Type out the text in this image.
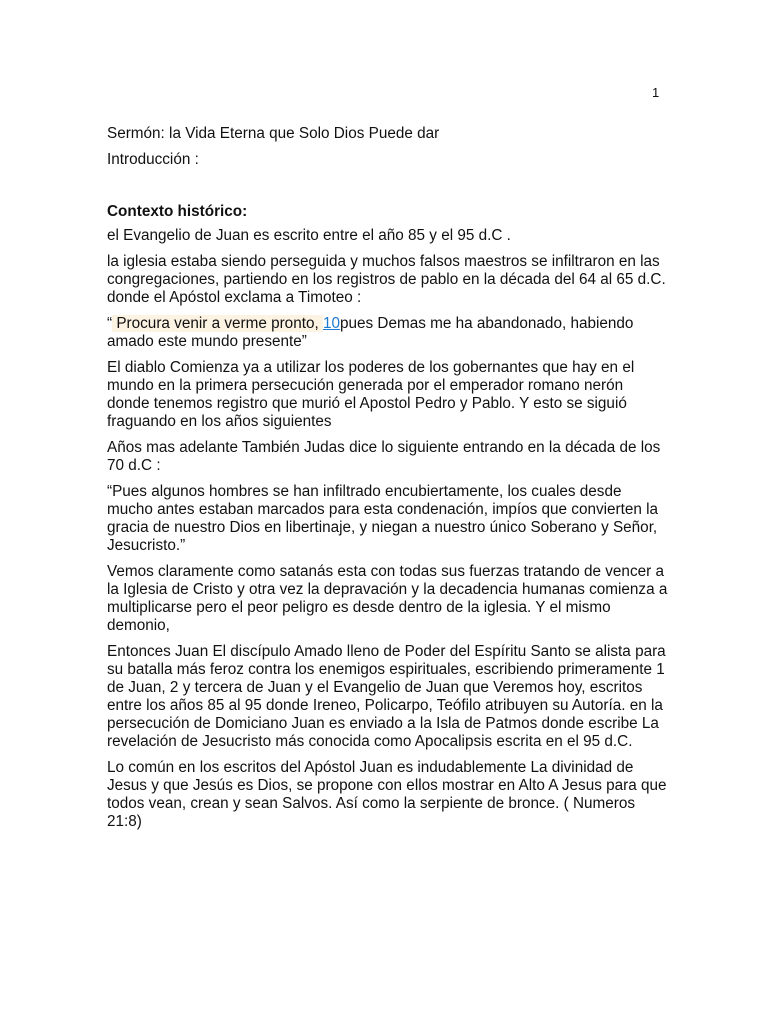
1

Sermón: la Vida Eterna que Solo Dios Puede dar

Introducción :

Contexto histórico:

el Evangelio de Juan es escrito entre el año 85 y el 95 d.C .

la iglesia estaba siendo perseguida y muchos falsos maestros se infiltraron en las
congregaciones, partiendo en los registros de pablo en la década del 64 al 65 d.C.
donde el Apóstol exclama a Timoteo :

“ Procura venir a verme pronto, 10pues Demas me ha abandonado, habiendo
amado este mundo presente”

El diablo Comienza ya a utilizar los poderes de los gobernantes que hay en el
mundo en la primera persecución generada por el emperador romano nerón
donde tenemos registro que murió el Apostol Pedro y Pablo. Y esto se siguió
fraguando en los años siguientes

Años mas adelante También Judas dice lo siguiente entrando en la década de los
70 d.C :

“Pues algunos hombres se han infiltrado encubiertamente, los cuales desde
mucho antes estaban marcados para esta condenación, impíos que convierten la
gracia de nuestro Dios en libertinaje, y niegan a nuestro único Soberano y Señor,
Jesucristo.”

Vemos claramente como satanás esta con todas sus fuerzas tratando de vencer a
la Iglesia de Cristo y otra vez la depravación y la decadencia humanas comienza a
multiplicarse pero el peor peligro es desde dentro de la iglesia. Y el mismo
demonio,

Entonces Juan El discípulo Amado lleno de Poder del Espíritu Santo se alista para
su batalla más feroz contra los enemigos espirituales, escribiendo primeramente 1
de Juan, 2 y tercera de Juan y el Evangelio de Juan que Veremos hoy, escritos
entre los años 85 al 95 donde Ireneo, Policarpo, Teófilo atribuyen su Autoría. en la
persecución de Domiciano Juan es enviado a la Isla de Patmos donde escribe La
revelación de Jesucristo más conocida como Apocalipsis escrita en el 95 d.C.

Lo común en los escritos del Apóstol Juan es indudablemente La divinidad de
Jesus y que Jesús es Dios, se propone con ellos mostrar en Alto A Jesus para que
todos vean, crean y sean Salvos. Así como la serpiente de bronce. ( Numeros
21:8)
